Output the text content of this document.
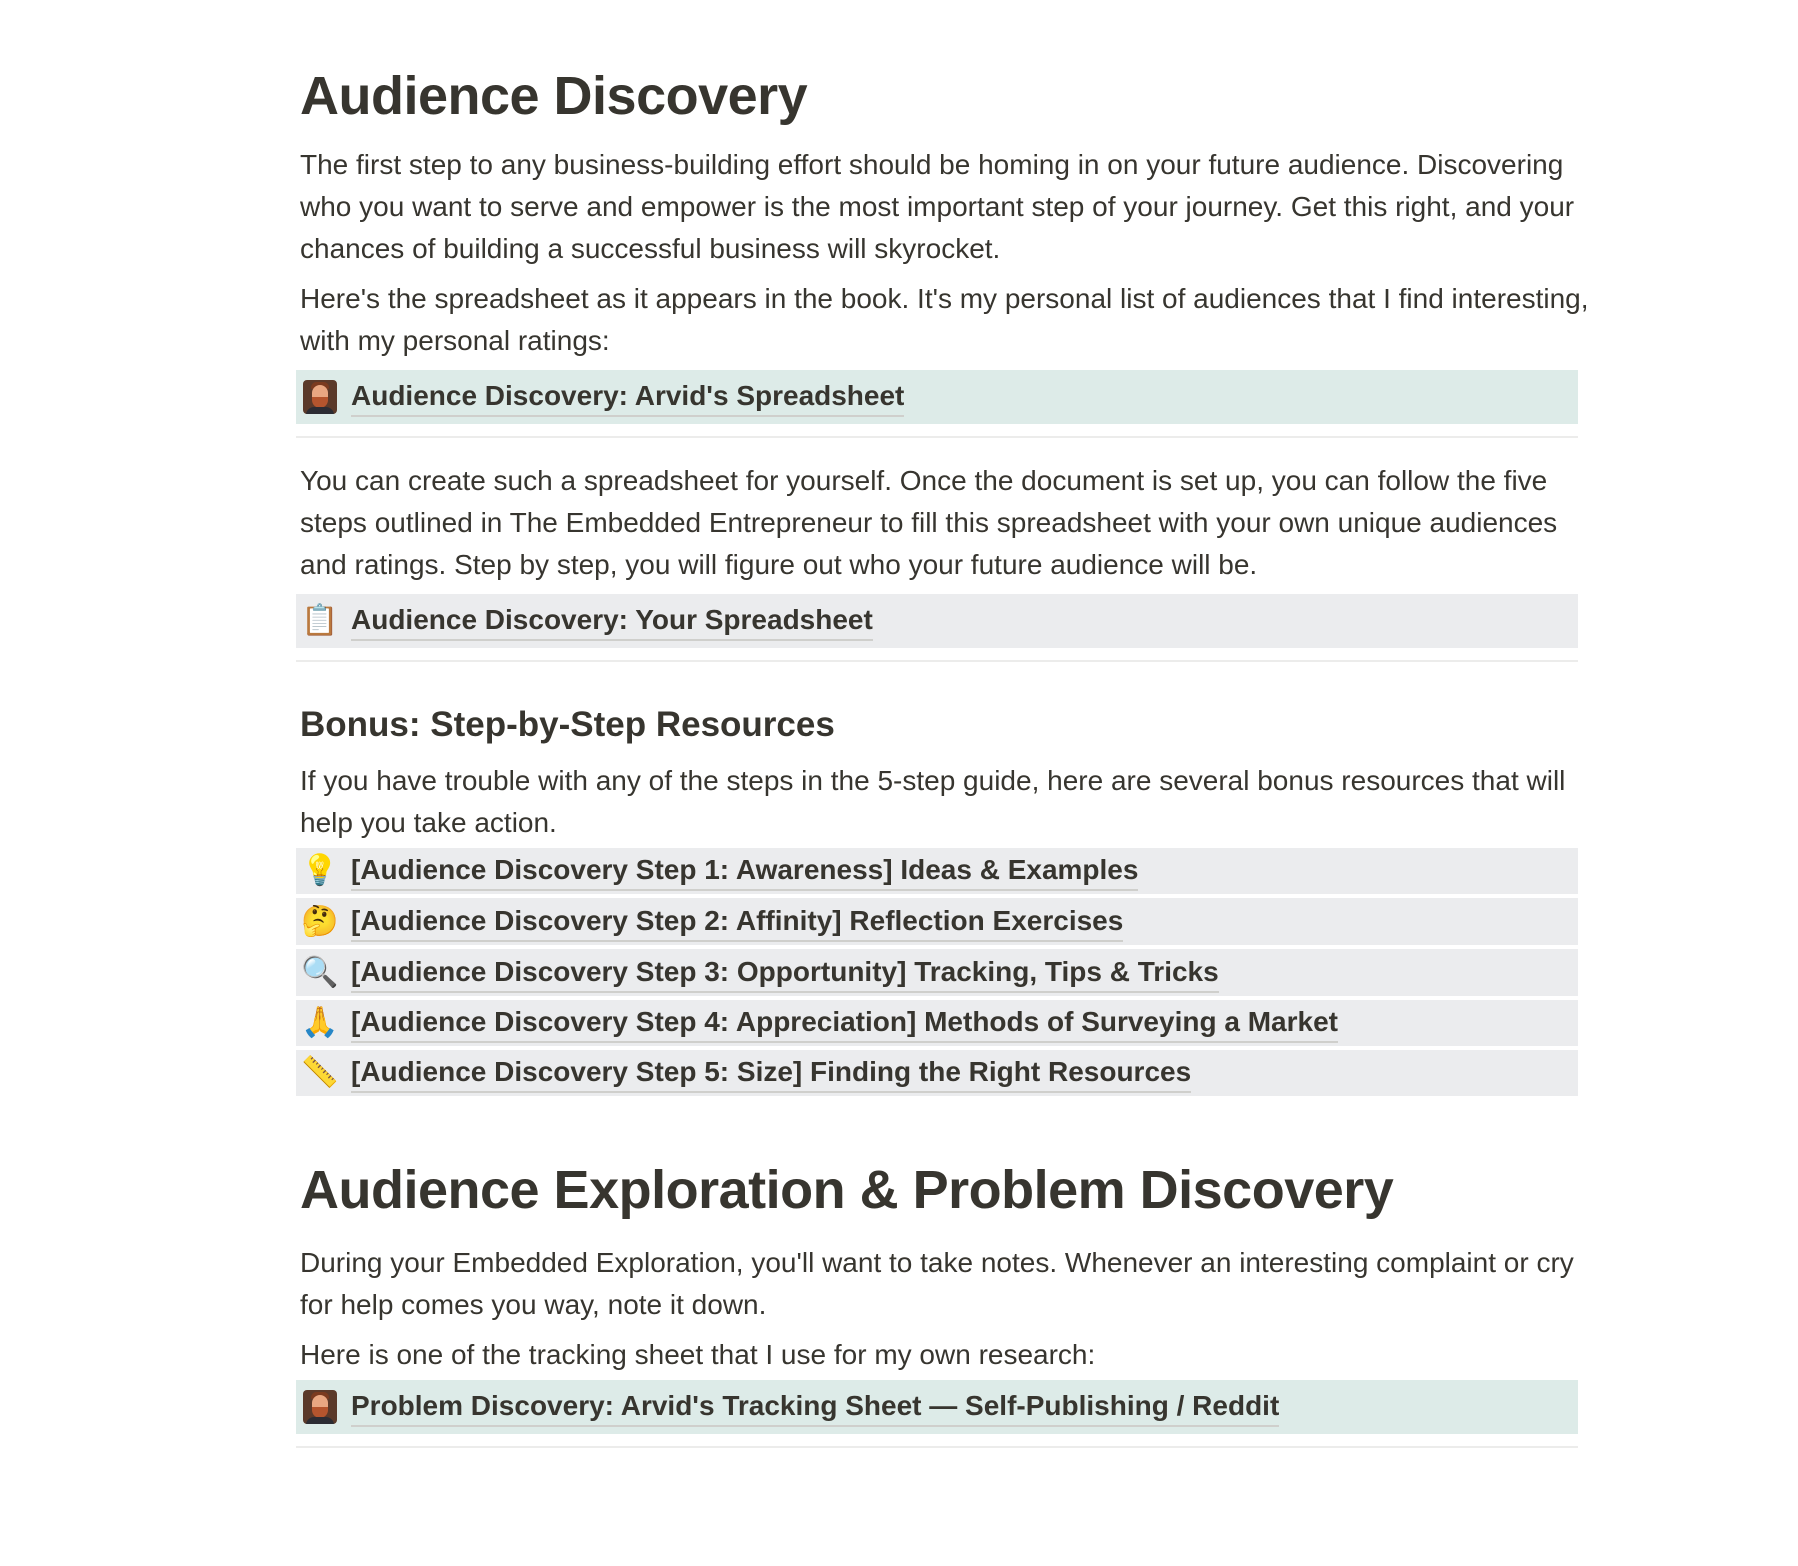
Audience Discovery

The first step to any business-building effort should be homing in on your future audience. Discovering who you want to serve and empower is the most important step of your journey. Get this right, and your chances of building a successful business will skyrocket.

Here's the spreadsheet as it appears in the book. It's my personal list of audiences that I find interesting, with my personal ratings:

Audience Discovery: Arvid's Spreadsheet

You can create such a spreadsheet for yourself. Once the document is set up, you can follow the five steps outlined in The Embedded Entrepreneur to fill this spreadsheet with your own unique audiences and ratings. Step by step, you will figure out who your future audience will be.

📋 Audience Discovery: Your Spreadsheet
Bonus: Step-by-Step Resources

If you have trouble with any of the steps in the 5-step guide, here are several bonus resources that will help you take action.

💡 [Audience Discovery Step 1: Awareness] Ideas & Examples
🤔 [Audience Discovery Step 2: Affinity] Reflection Exercises
🔍 [Audience Discovery Step 3: Opportunity] Tracking, Tips & Tricks
🙏 [Audience Discovery Step 4: Appreciation] Methods of Surveying a Market
📏 [Audience Discovery Step 5: Size] Finding the Right Resources
Audience Exploration & Problem Discovery

During your Embedded Exploration, you'll want to take notes. Whenever an interesting complaint or cry for help comes you way, note it down.

Here is one of the tracking sheet that I use for my own research:

Problem Discovery: Arvid's Tracking Sheet — Self-Publishing / Reddit
